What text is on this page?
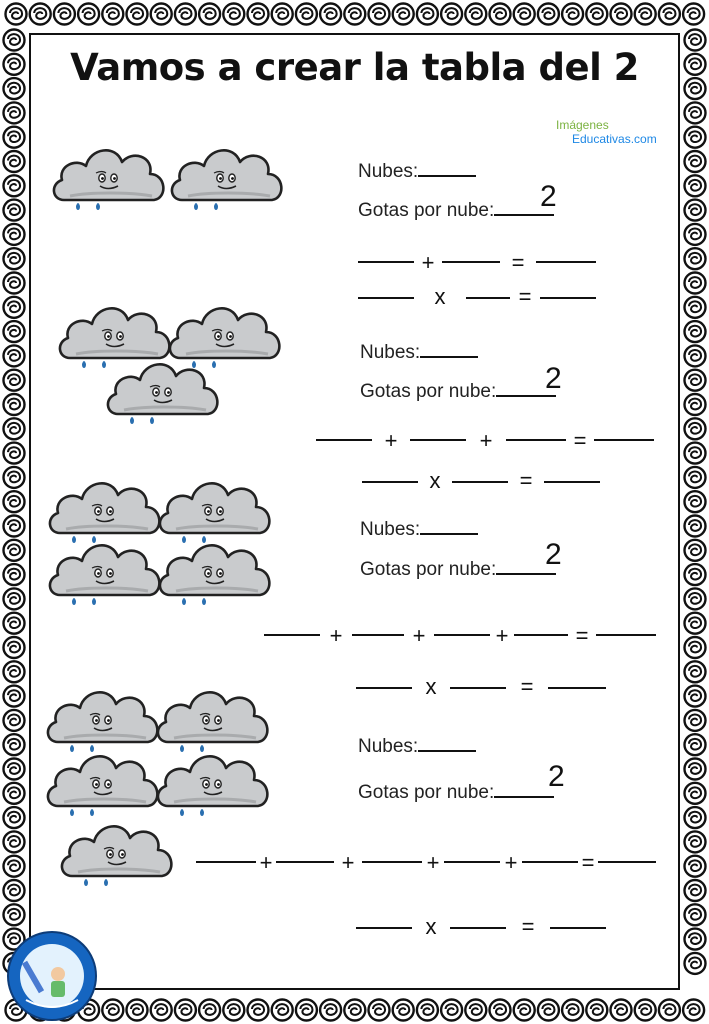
Vamos a crear la tabla del 2
Imágenes
Educativas.com
Nubes:
Gotas por nube:	2
Nubes:
Gotas por nube:	2
Nubes:
Gotas por nube:	2
Nubes:
Gotas por nube:	2
+	=
x	=
+	+	=
x	=
+	+	+	=
x	=
+	+	+	+	=
x	=
